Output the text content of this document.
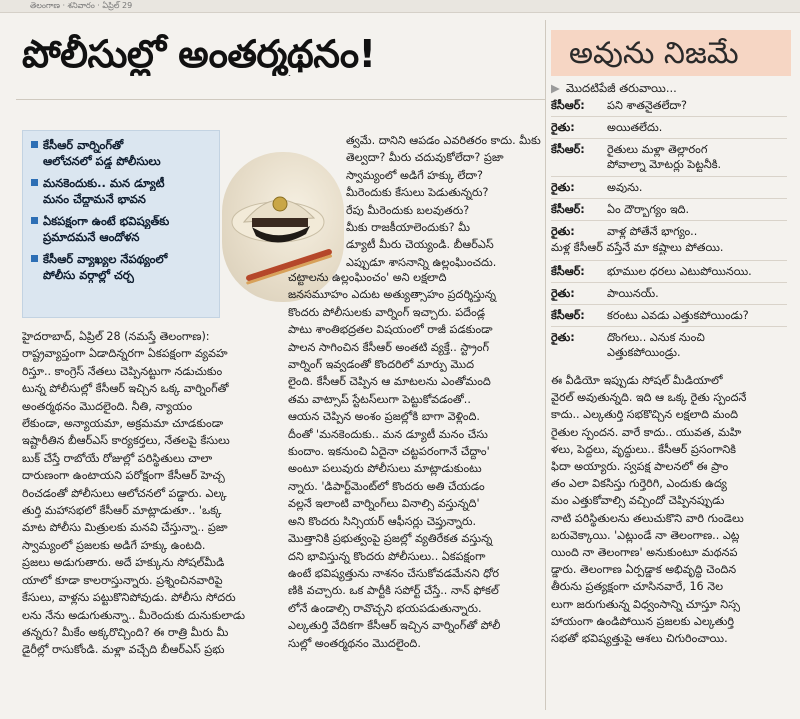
తెలంగాణ · శనివారం · ఏప్రిల్ 29
పోలీసుల్లో అంతర్మథనం!
కేసీఆర్ వార్నింగ్‌తో
ఆలోచనలో పడ్డ పోలీసులు
మనకెందుకు.. మన డ్యూటీ
మనం చేద్దామనే భావన
ఏకపక్షంగా ఉంటే భవిష్యత్‌కు
ప్రమాదమనే ఆందోళన
కేసీఆర్ వ్యాఖ్యల నేపథ్యంలో
పోలీసు వర్గాల్లో చర్చ

త్వమే. దానిని ఆపడం ఎవరితరం కాదు. మీకు

తెల్వదా? మీరు చదువుకోలేదా? ప్రజా

స్వామ్యంలో అడిగే హక్కు లేదా?

మీరెందుకు కేసులు పెడుతున్నరు?

రేపు మీరెందుకు బలవుతరు?

మీకు రాజకీయాలెందుకు? మీ

డ్యూటీ మీరు చెయ్యండి. బీఆర్ఎస్

ఎప్పుడూ శాసనాన్ని ఉల్లంఘించదు.

హైదరాబాద్, ఏప్రిల్ 28 (నమస్తే తెలంగాణ):

రాష్ట్రవ్యాప్తంగా ఏడాదిన్నరగా ఏకపక్షంగా వ్యవహ

రిస్తూ.. కాంగ్రెస్ నేతలు చెప్పినట్టుగా నడుచుకుం

టున్న పోలీసుల్లో కేసీఆర్ ఇచ్చిన ఒక్క వార్నింగ్‌తో

అంతర్మథనం మొదలైంది. నీతి, న్యాయం

లేకుండా, అన్యాయమా, అక్రమమా చూడకుండా

ఇష్టారీతిన బీఆర్ఎస్ కార్యకర్తలు, నేతలపై కేసులు

బుక్ చేస్తే రాబోయే రోజుల్లో పరిస్థితులు చాలా

దారుణంగా ఉంటాయని పరోక్షంగా కేసీఆర్ హెచ్చ

రించడంతో పోలీసులు ఆలోచనలో పడ్డారు. ఎల్క

తుర్తి మహాసభలో కేసీఆర్ మాట్లాడుతూ.. 'ఒక్క

మాట పోలీసు మిత్రులకు మనవి చేస్తున్నా.. ప్రజా

స్వామ్యంలో ప్రజలకు అడిగే హక్కు ఉంటది.

ప్రజలు అడుగుతారు. అదే హక్కును సోషల్‌మీడి

యాలో కూడా కాలరాస్తున్నారు. ప్రశ్నించినవారిపై

కేసులు, వాళ్లను పట్టుకొనిపోవుడు. పోలీసు సోదరు

లను నేను అడుగుతున్నా.. మీరెందుకు దునుకులాడు

తన్నరు? మీకేం అక్కరొచ్చింది? ఈ రాత్రి మీరు మీ

డైరీల్లో రాసుకోండి. మళ్లా వచ్చేది బీఆర్ఎస్ ప్రభు

చట్టాలను ఉల్లంఘించం' అని లక్షలాది

జనసమూహం ఎదుట అత్యుత్సాహం ప్రదర్శిస్తున్న

కొందరు పోలీసులకు వార్నింగ్ ఇచ్చారు. పదేండ్ల

పాటు శాంతిభద్రతల విషయంలో రాజీ పడకుండా

పాలన సాగించిన కేసీఆర్ అంతటి వ్యక్తే.. స్ట్రాంగ్

వార్నింగ్ ఇవ్వడంతో కొందరిలో మార్పు మొద

లైంది. కేసీఆర్ చెప్పిన ఆ మాటలను ఎంతోమంది

తమ వాట్సాప్ స్టేటస్‌లుగా పెట్టుకోవడంతో..

ఆయన చెప్పిన అంశం ప్రజల్లోకి బాగా వెళ్లింది.

దీంతో 'మనకెందుకు.. మన డ్యూటీ మనం చేసు

కుందాం. ఇకనుంచి ఏదైనా చట్టపరంగానే చేద్దాం'

అంటూ పలువురు పోలీసులు మాట్లాడుకుంటు

న్నారు. 'డిపార్ట్‌మెంట్‌లో కొందరు అతి చేయడం

వల్లనే ఇలాంటి వార్నింగ్‌లు వినాల్సి వస్తున్నది'

అని కొందరు సిన్సియర్ ఆఫీసర్లు చెప్తున్నారు.

మొత్తానికి ప్రభుత్వంపై ప్రజల్లో వ్యతిరేకత వస్తున్న

దని భావిస్తున్న కొందరు పోలీసులు.. ఏకపక్షంగా

ఉంటే భవిష్యత్తును నాశనం చేసుకోవడమేనని ధోర

ణికి వచ్చారు. ఒక పార్టీకి సపోర్ట్ చేస్తే.. నాన్ ఫోకల్

లోనే ఉండాల్సి రావొచ్చని భయపడుతున్నారు.

ఎల్కతుర్తి వేదికగా కేసీఆర్ ఇచ్చిన వార్నింగ్‌తో పోలీ

సుల్లో అంతర్మథనం మొదలైంది.

అవును నిజమే
▶ మొదటిపేజీ తరువాయి...
కేసీఆర్: పని శాతనైతలేదా?
రైతు:	అయితలేదు.
కేసీఆర్: రైతులు మళ్లా తెల్లారంగ
పోవాల్నా మోటర్లు పెట్టనీకి.
రైతు:	అవును.
కేసీఆర్: ఏం దౌర్భాగ్యం ఇది.
రైతు:	వాళ్ల పోతేనే భాగ్యం..
మళ్ల కేసీఆర్ వస్తేనే మా కష్టాలు పోతయి.
కేసీఆర్: భూముల ధరలు ఎటుపోయినయి.
రైతు:	పాయినయ్.
కేసీఆర్: కరంటు ఎవడు ఎత్తుకపోయిండు?
రైతు:	దొంగలు.. ఎనుక నుంచి
ఎత్తుకపోయిండ్రు.

ఈ వీడియో ఇప్పుడు సోషల్ మీడియాలో

వైరల్ అవుతున్నది. ఇది ఆ ఒక్క రైతు స్పందనే

కాదు.. ఎల్కతుర్తి సభకొచ్చిన లక్షలాది మంది

రైతుల స్పందన. వారే కాదు.. యువత, మహి

ళలు, పెద్దలు, వృద్ధులు.. కేసీఆర్ ప్రసంగానికి

ఫిదా అయ్యారు. స్వపక్ష పాలనలో ఈ ప్రాం

తం ఎలా వికసిస్తు గుర్తెరిగి, ఎందుకు ఉద్య

మం ఎత్తుకోవాల్సి వచ్చిందో చెప్పినప్పుడు

నాటి పరిస్థితులను తలుచుకొని వారి గుండెలు

బరువెక్కాయి. 'ఎట్లుండే నా తెలంగాణ.. ఎట్ల

యింది నా తెలంగాణ' అనుకుంటూ మథనప

డ్డారు. తెలంగాణ ఏర్పడ్డాక అభివృద్ధి చెందిన

తీరును ప్రత్యక్షంగా చూసినవారే, 16 నెల

లుగా జరుగుతున్న విధ్వంసాన్ని చూస్తూ నిస్స

హాయంగా ఉండిపోయిన ప్రజలకు ఎల్కతుర్తి

సభతో భవిష్యత్తుపై ఆశలు చిగురించాయి.
